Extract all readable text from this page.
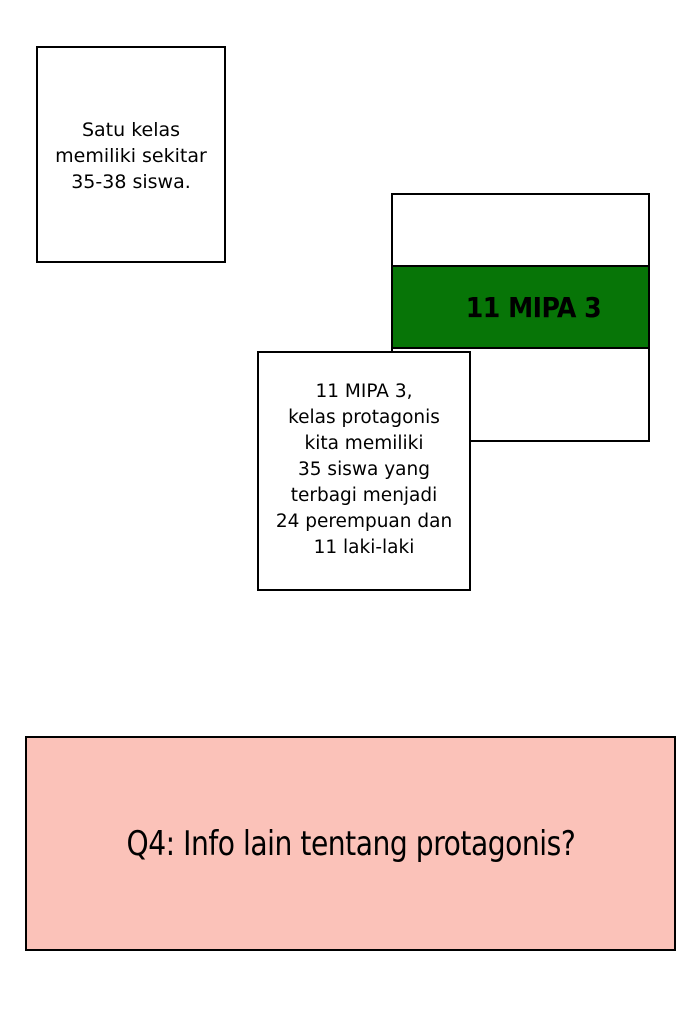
Satu kelas
memiliki sekitar
35-38 siswa.
11 MIPA 3
11 MIPA 3,
kelas protagonis
kita memiliki
35 siswa yang
terbagi menjadi
24 perempuan dan
11 laki-laki
Q4: Info lain tentang protagonis?
